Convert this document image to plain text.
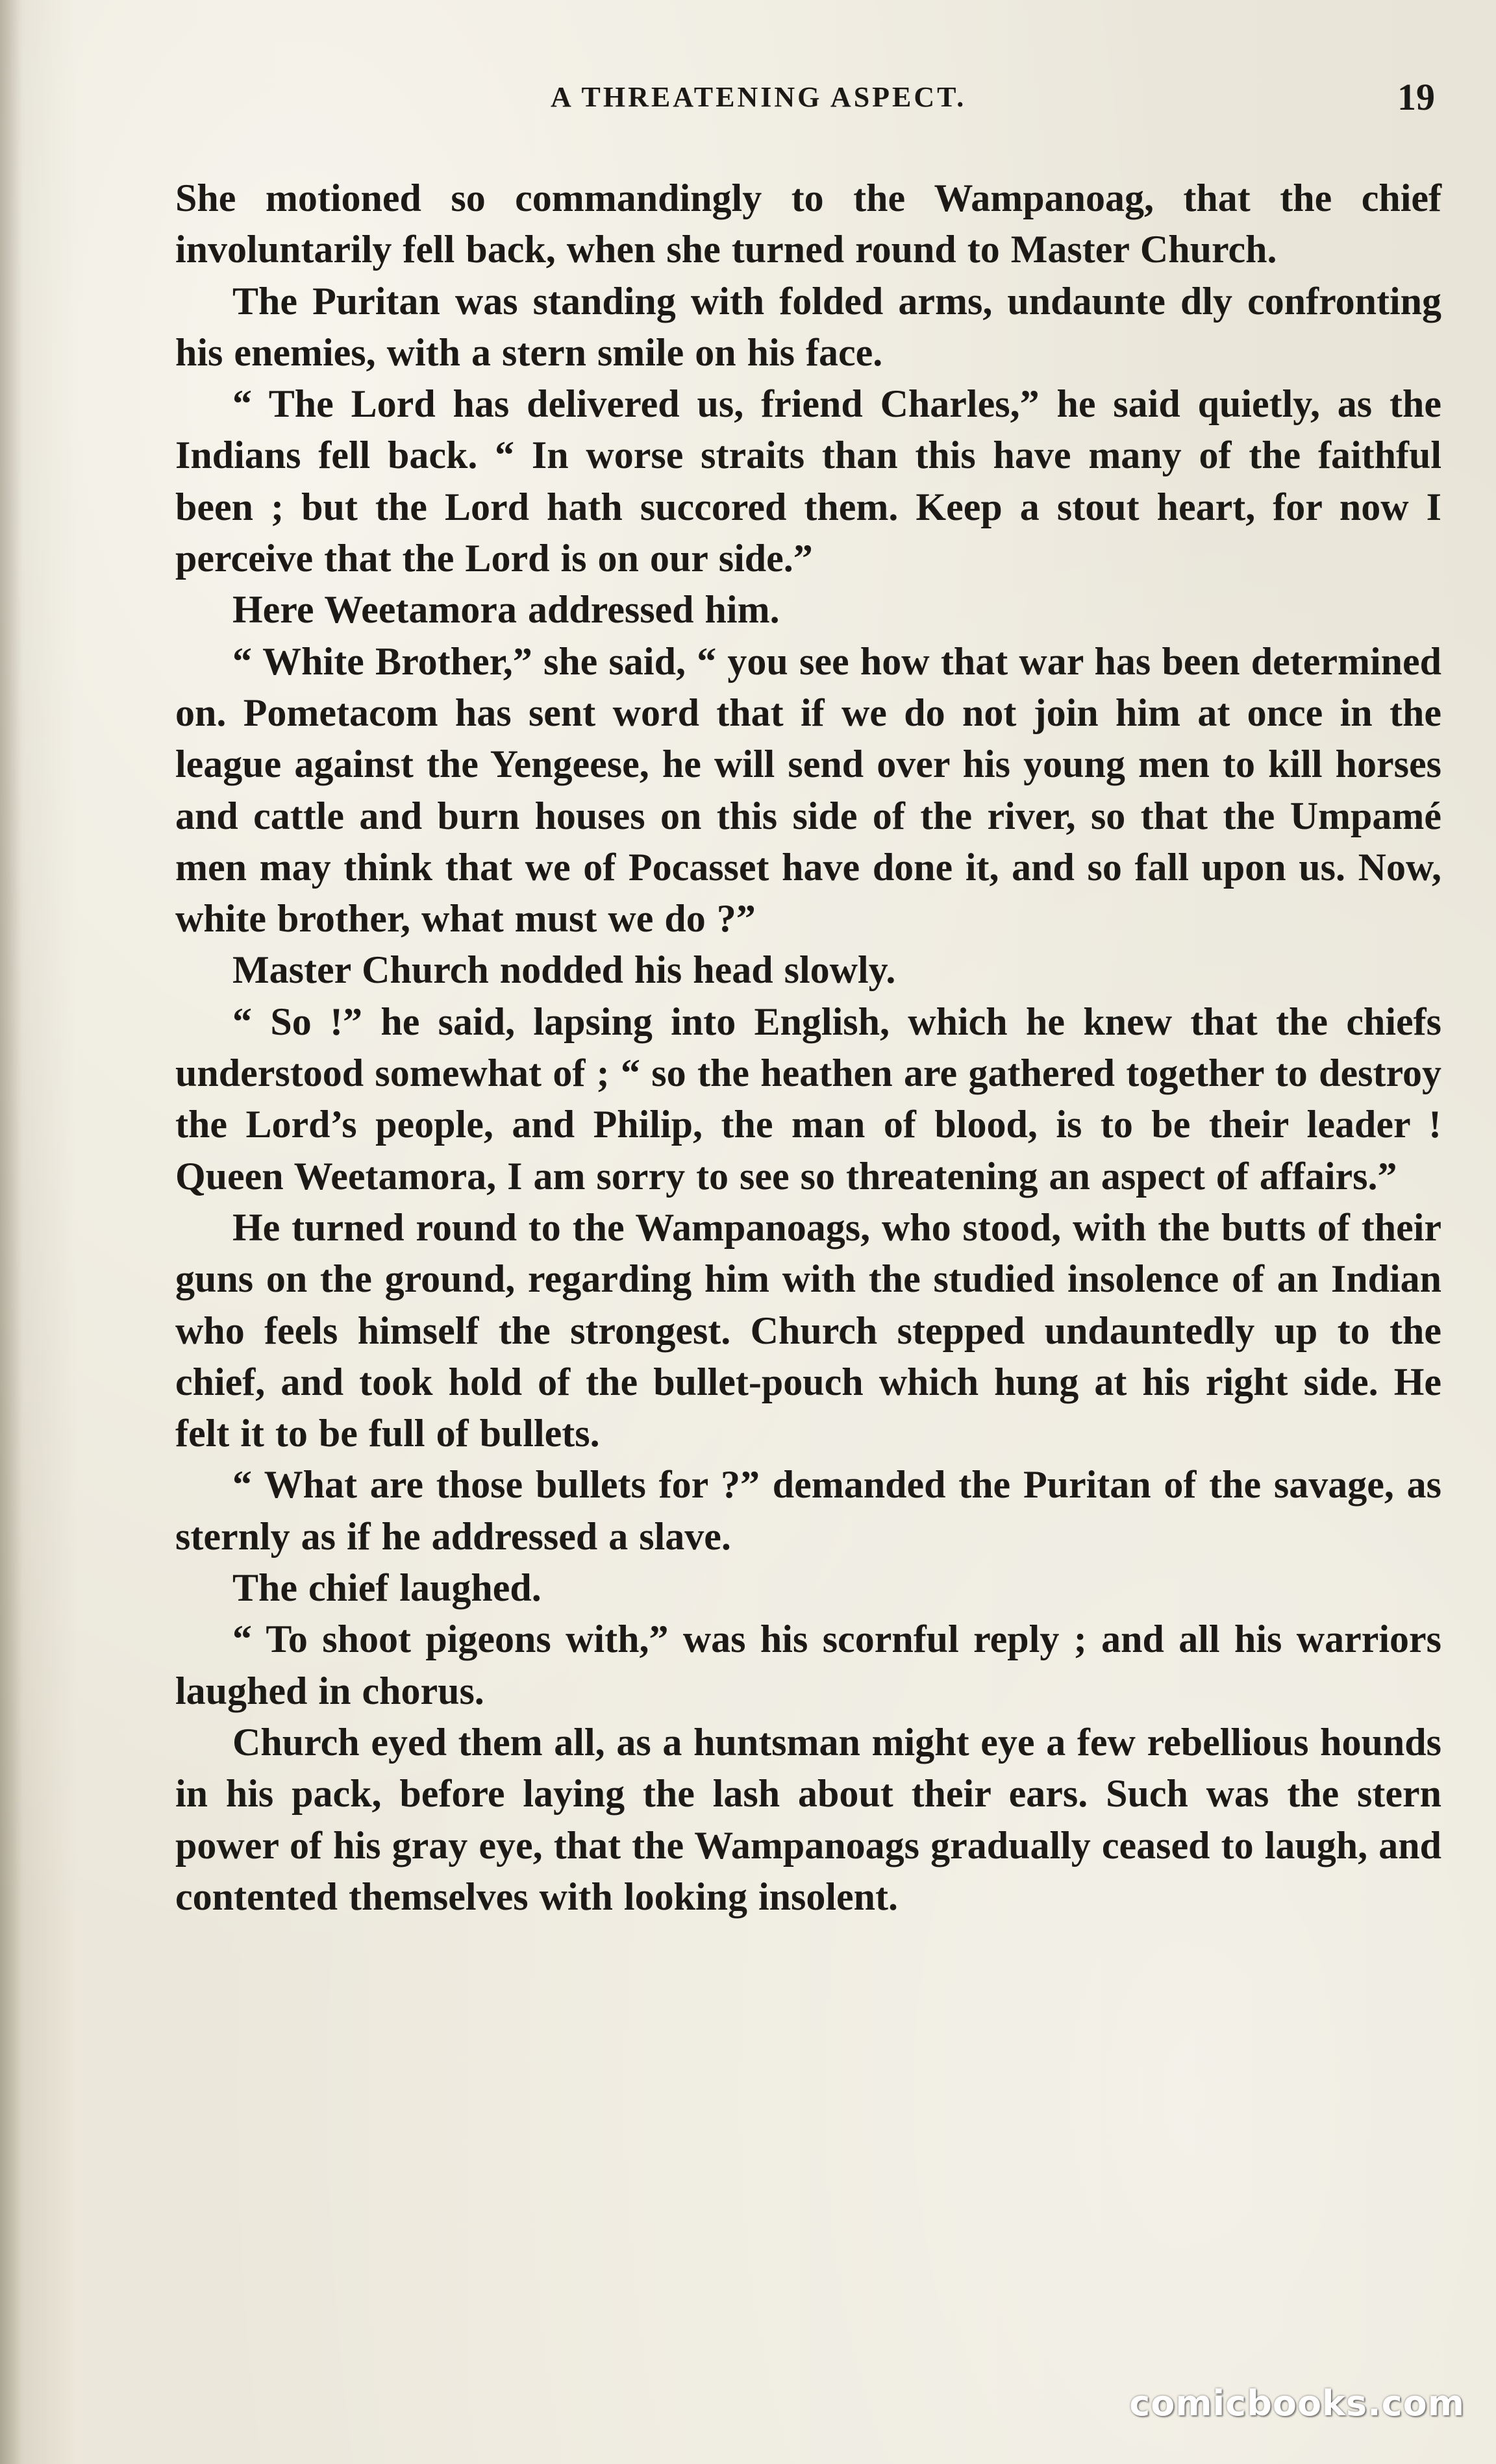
A THREATENING ASPECT.	19

She motioned so commandingly to the Wampanoag, that the chief involuntarily fell back, when she turned round to Master Church.

The Puritan was standing with folded arms, undaunte dly confronting his enemies, with a stern smile on his face.

“ The Lord has delivered us, friend Charles,” he said quietly, as the Indians fell back. “ In worse straits than this have many of the faithful been ; but the Lord hath succored them. Keep a stout heart, for now I perceive that the Lord is on our side.”

Here Weetamora addressed him.

“ White Brother,” she said, “ you see how that war has been determined on. Pometacom has sent word that if we do not join him at once in the league against the Yengeese, he will send over his young men to kill horses and cattle and burn houses on this side of the river, so that the Umpamé men may think that we of Pocasset have done it, and so fall upon us. Now, white brother, what must we do ?”

Master Church nodded his head slowly.

“ So !” he said, lapsing into English, which he knew that the chiefs understood somewhat of ; “ so the heathen are gathered together to destroy the Lord’s people, and Philip, the man of blood, is to be their leader ! Queen Weetamora, I am sorry to see so threatening an aspect of affairs.”

He turned round to the Wampanoags, who stood, with the butts of their guns on the ground, regarding him with the studied insolence of an Indian who feels himself the strongest. Church stepped undauntedly up to the chief, and took hold of the bullet-pouch which hung at his right side. He felt it to be full of bullets.

“ What are those bullets for ?” demanded the Puritan of the savage, as sternly as if he addressed a slave.

The chief laughed.

“ To shoot pigeons with,” was his scornful reply ; and all his warriors laughed in chorus.

Church eyed them all, as a huntsman might eye a few rebellious hounds in his pack, before laying the lash about their ears. Such was the stern power of his gray eye, that the Wampanoags gradually ceased to laugh, and contented themselves with looking insolent.

comicbooks.com
